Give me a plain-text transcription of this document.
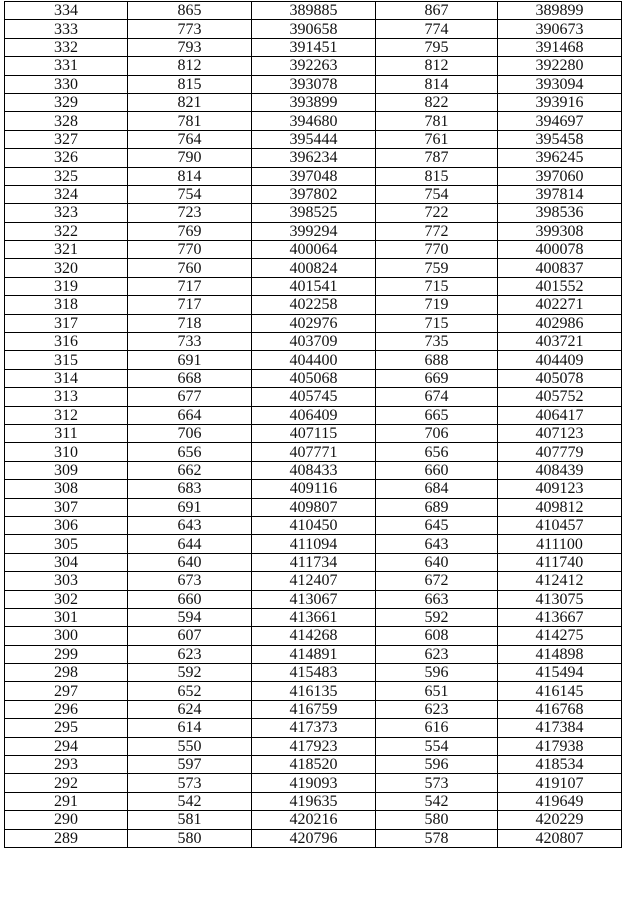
334	865	389885	867	389899
333	773	390658	774	390673
332	793	391451	795	391468
331	812	392263	812	392280
330	815	393078	814	393094
329	821	393899	822	393916
328	781	394680	781	394697
327	764	395444	761	395458
326	790	396234	787	396245
325	814	397048	815	397060
324	754	397802	754	397814
323	723	398525	722	398536
322	769	399294	772	399308
321	770	400064	770	400078
320	760	400824	759	400837
319	717	401541	715	401552
318	717	402258	719	402271
317	718	402976	715	402986
316	733	403709	735	403721
315	691	404400	688	404409
314	668	405068	669	405078
313	677	405745	674	405752
312	664	406409	665	406417
311	706	407115	706	407123
310	656	407771	656	407779
309	662	408433	660	408439
308	683	409116	684	409123
307	691	409807	689	409812
306	643	410450	645	410457
305	644	411094	643	411100
304	640	411734	640	411740
303	673	412407	672	412412
302	660	413067	663	413075
301	594	413661	592	413667
300	607	414268	608	414275
299	623	414891	623	414898
298	592	415483	596	415494
297	652	416135	651	416145
296	624	416759	623	416768
295	614	417373	616	417384
294	550	417923	554	417938
293	597	418520	596	418534
292	573	419093	573	419107
291	542	419635	542	419649
290	581	420216	580	420229
289	580	420796	578	420807
